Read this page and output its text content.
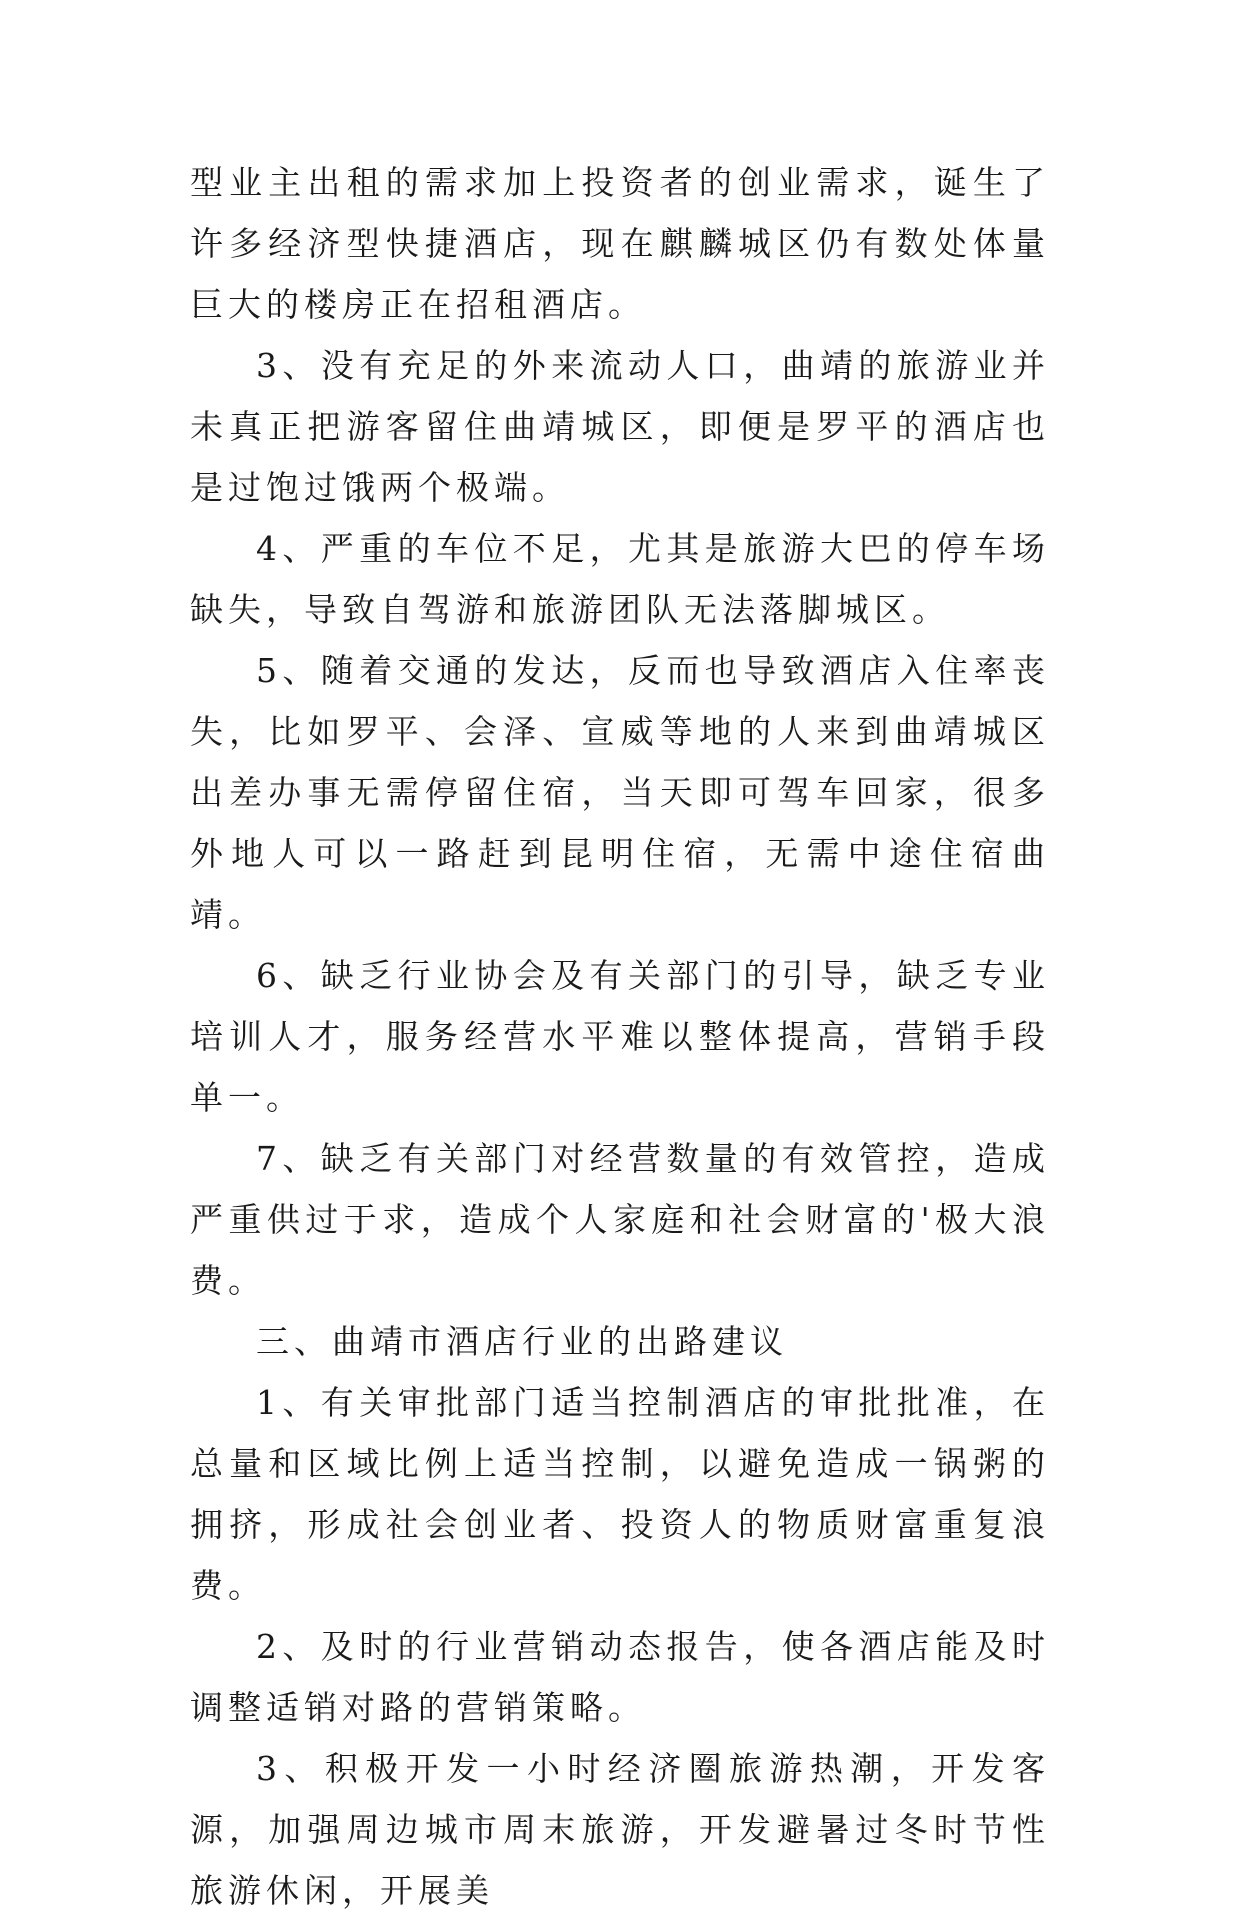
型业主出租的需求加上投资者的创业需求，诞生了许多经济型快捷酒店，现在麒麟城区仍有数处体量巨大的楼房正在招租酒店。

3、没有充足的外来流动人口，曲靖的旅游业并未真正把游客留住曲靖城区，即便是罗平的酒店也是过饱过饿两个极端。

4、严重的车位不足，尤其是旅游大巴的停车场缺失，导致自驾游和旅游团队无法落脚城区。

5、随着交通的发达，反而也导致酒店入住率丧失，比如罗平、会泽、宣威等地的人来到曲靖城区出差办事无需停留住宿，当天即可驾车回家，很多外地人可以一路赶到昆明住宿，无需中途住宿曲靖。

6、缺乏行业协会及有关部门的引导，缺乏专业培训人才，服务经营水平难以整体提高，营销手段单一。

7、缺乏有关部门对经营数量的有效管控，造成严重供过于求，造成个人家庭和社会财富的'极大浪费。

三、曲靖市酒店行业的出路建议

1、有关审批部门适当控制酒店的审批批准，在总量和区域比例上适当控制，以避免造成一锅粥的拥挤，形成社会创业者、投资人的物质财富重复浪费。

2、及时的行业营销动态报告，使各酒店能及时调整适销对路的营销策略。

3、积极开发一小时经济圈旅游热潮，开发客源，加强周边城市周末旅游，开发避暑过冬时节性旅游休闲，开展美
